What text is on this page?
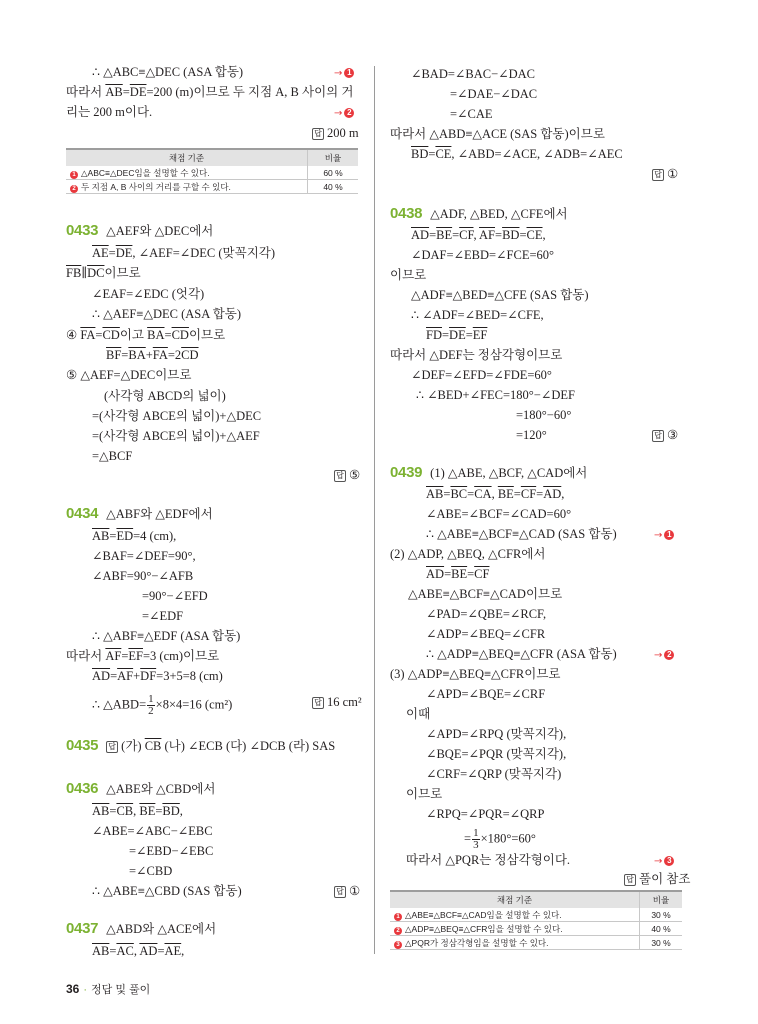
∴ △ABC≡△DEC (ASA 합동)	→ 1
따라서 $\overline{AB}=\overline{DE}=200$ (m)이므로 두 지점 A, B 사이의 거
리는 200 m이다.	→ 2
답 200 m
채점 기준	비율
1 △ABC≡△DEC임을 설명할 수 있다.	60 %
2 두 지점 A, B 사이의 거리를 구할 수 있다.	40 %
0433 △AEF와 △DEC에서
$\overline{AE}=\overline{DE}$, ∠AEF=∠DEC (맞꼭지각)
$\overline{FB}\parallel\overline{DC}$이므로
∠EAF=∠EDC (엇각)
∴ △AEF≡△DEC (ASA 합동)
④ $\overline{FA}=\overline{CD}$이고 $\overline{BA}=\overline{CD}$이므로
$\overline{BF}=\overline{BA}+\overline{FA}=2\overline{CD}$
⑤ △AEF=△DEC이므로
(사각형 ABCD의 넓이)
=(사각형 ABCE의 넓이)+△DEC
=(사각형 ABCE의 넓이)+△AEF
=△BCF
답 ⑤
0434 △ABF와 △EDF에서
$\overline{AB}=\overline{ED}=4$ (cm),
∠BAF=∠DEF=90°,
∠ABF=90°−∠AFB
=90°−∠EFD
=∠EDF
∴ △ABF≡△EDF (ASA 합동)
따라서 $\overline{AF}=\overline{EF}=3$ (cm)이므로
$\overline{AD}=\overline{AF}+\overline{DF}=3+5=8$ (cm)
∴ △ABD= $\frac{1}{2} \times 8\times 4=16$ (cm²)	답 16 cm²
0435 답 (가) $\overline{CB}$ (나) ∠ECB (다) ∠DCB (라) SAS
0436 △ABE와 △CBD에서
$\overline{AB}=\overline{CB}$, $\overline{BE}=\overline{BD}$,
∠ABE=∠ABC−∠EBC
=∠EBD−∠EBC
=∠CBD
∴ △ABE≡△CBD (SAS 합동)	답 ①
0437 △ABD와 △ACE에서
$\overline{AB}=\overline{AC}$, $\overline{AD}=\overline{AE}$,
∠BAD=∠BAC−∠DAC
=∠DAE−∠DAC
=∠CAE
따라서 △ABD≡△ACE (SAS 합동)이므로
$\overline{BD}=\overline{CE}$, ∠ABD=∠ACE, ∠ADB=∠AEC
답 ①
0438 △ADF, △BED, △CFE에서
$\overline{AD}=\overline{BE}=\overline{CF}$, $\overline{AF}=\overline{BD}=\overline{CE}$,
∠DAF=∠EBD=∠FCE=60°
이므로
△ADF≡△BED≡△CFE (SAS 합동)
∴ ∠ADF=∠BED=∠CFE,
$\overline{FD}=\overline{DE}=\overline{EF}$
따라서 △DEF는 정삼각형이므로
∠DEF=∠EFD=∠FDE=60°
∴ ∠BED+∠FEC=180°−∠DEF
=180°−60°
=120°	답 ③
0439 (1) △ABE, △BCF, △CAD에서
$\overline{AB}=\overline{BC}=\overline{CA}$, $\overline{BE}=\overline{CF}=\overline{AD}$,
∠ABE=∠BCF=∠CAD=60°
∴ △ABE≡△BCF≡△CAD (SAS 합동)	→ 1
(2) △ADP, △BEQ, △CFR에서
$\overline{AD}=\overline{BE}=\overline{CF}$
△ABE≡△BCF≡△CAD이므로
∠PAD=∠QBE=∠RCF,
∠ADP=∠BEQ=∠CFR
∴ △ADP≡△BEQ≡△CFR (ASA 합동)	→ 2
(3) △ADP≡△BEQ≡△CFR이므로
∠APD=∠BQE=∠CRF
이때
∠APD=∠RPQ (맞꼭지각),
∠BQE=∠PQR (맞꼭지각),
∠CRF=∠QRP (맞꼭지각)
이므로
∠RPQ=∠PQR=∠QRP
= $\frac{1}{3} \times 180^\circ=60^\circ$
따라서 △PQR는 정삼각형이다.	→ 3
답 풀이 참조
채점 기준	비율
1 △ABE≡△BCF≡△CAD임을 설명할 수 있다.	30 %
2 △ADP≡△BEQ≡△CFR임을 설명할 수 있다.	40 %
3 △PQR가 정삼각형임을 설명할 수 있다.	30 %
36 · 정답 및 풀이
